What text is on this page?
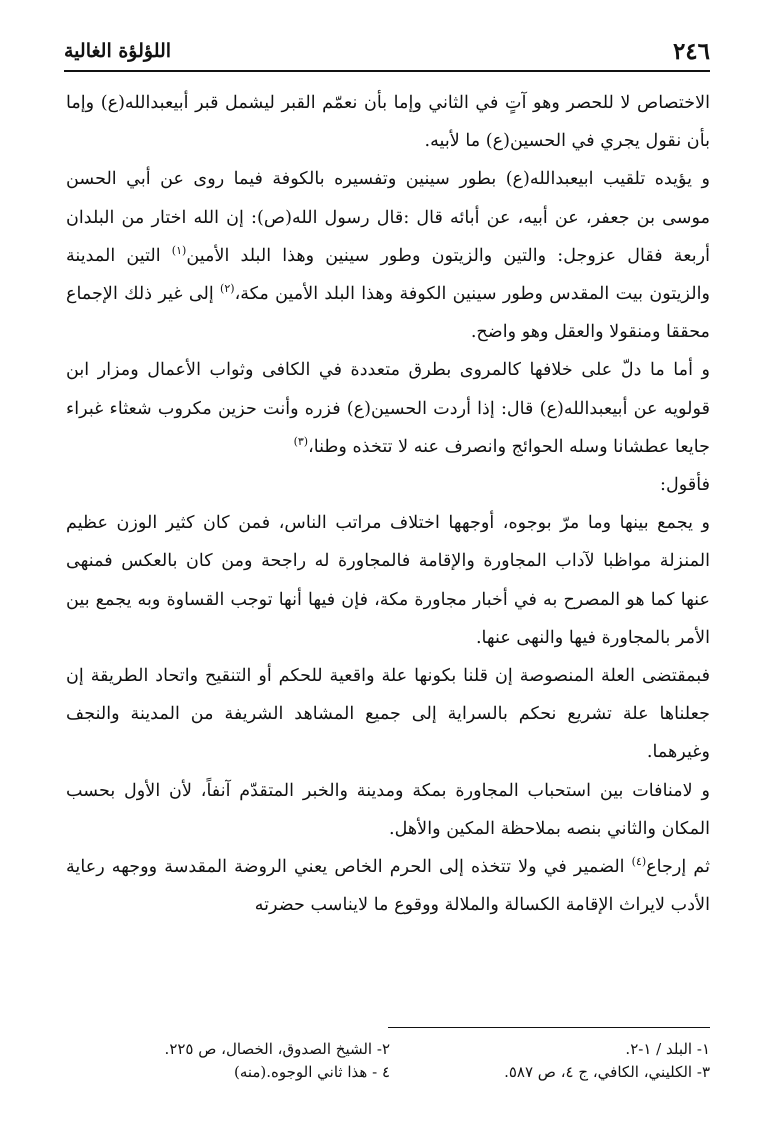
٢٤٦
اللؤلؤة الغالية

الاختصاص لا للحصر وهو آتٍ في الثاني وإما بأن نعمّم القبر ليشمل قبر أبيعبدالله(ع) وإما بأن نقول يجري في الحسين(ع) ما لأبيه.

و يؤيده تلقيب ابيعبدالله(ع) بطور سينين وتفسيره بالكوفة فيما روى عن أبي الحسن موسى بن جعفر، عن أبيه، عن أبائه قال :قال رسول الله(ص): إن الله اختار من البلدان أربعة فقال عزوجل: والتين والزيتون وطور سينين وهذا البلد الأمين$^{(١)}$ التين المدينة والزيتون بيت المقدس وطور سينين الكوفة وهذا البلد الأمين مكة،$^{(٢)}$ إلى غير ذلك الإجماع محققا ومنقولا والعقل وهو واضح.

و أما ما دلّ على خلافها كالمروى بطرق متعددة في الكافى وثواب الأعمال ومزار ابن قولويه عن أبيعبدالله(ع) قال: إذا أردت الحسين(ع) فزره وأنت حزين مكروب شعثاء غبراء جايعا عطشانا وسله الحوائج وانصرف عنه لا تتخذه وطنا،$^{(٣)}$

فأقول:

و يجمع بينها وما مرّ بوجوه، أوجهها اختلاف مراتب الناس، فمن كان كثير الوزن عظيم المنزلة مواظبا لآداب المجاورة والإقامة فالمجاورة له راجحة ومن كان بالعكس فمنهى عنها كما هو المصرح به في أخبار مجاورة مكة، فإن فيها أنها توجب القساوة وبه يجمع بين الأمر بالمجاورة فيها والنهى عنها.

فبمقتضى العلة المنصوصة إن قلنا بكونها علة واقعية للحكم أو التنقيح واتحاد الطريقة إن جعلناها علة تشريع نحكم بالسراية إلى جميع المشاهد الشريفة من المدينة والنجف وغيرهما.

و لامنافات بين استحباب المجاورة بمكة ومدينة والخبر المتقدّم آنفاً، لأن الأول بحسب المكان والثاني بنصه بملاحظة المكين والأهل.

ثم إرجاع$^{(٤)}$ الضمير في ولا تتخذه إلى الحرم الخاص يعني الروضة المقدسة ووجهه رعاية الأدب لايراث الإقامة الكسالة والملالة ووقوع ما لايناسب حضرته

١- البلد / ١-٢.
٢- الشيخ الصدوق، الخصال، ص ٢٢٥.
٣- الكليني، الكافي، ج ٤، ص ٥٨٧.
٤ - هذا ثاني الوجوه.(منه)
